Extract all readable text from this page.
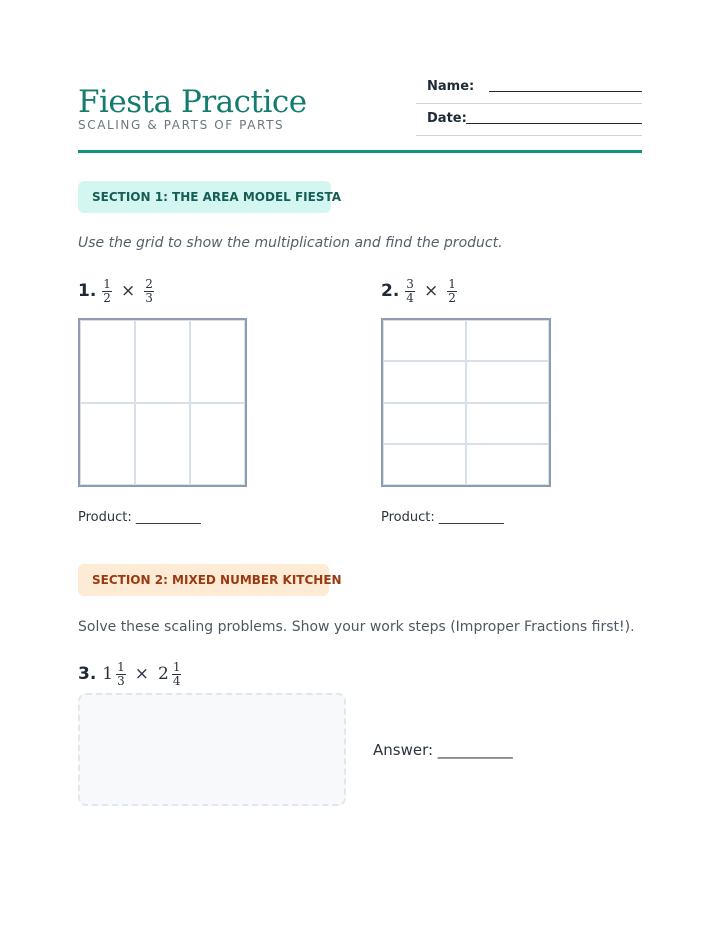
Fiesta Practice
SCALING & PARTS OF PARTS
Name:
Date:
SECTION 1: THE AREA MODEL FIESTA
Use the grid to show the multiplication and find the product.
1. $\frac{1}{2} \times \frac{2}{3}$
Product: __________
2. $\frac{3}{4} \times \frac{1}{2}$
Product: __________
SECTION 2: MIXED NUMBER KITCHEN
Solve these scaling problems. Show your work steps (Improper Fractions first!).
3. $1 \frac{1}{3} \times 2 \frac{1}{4}$
Answer: __________
